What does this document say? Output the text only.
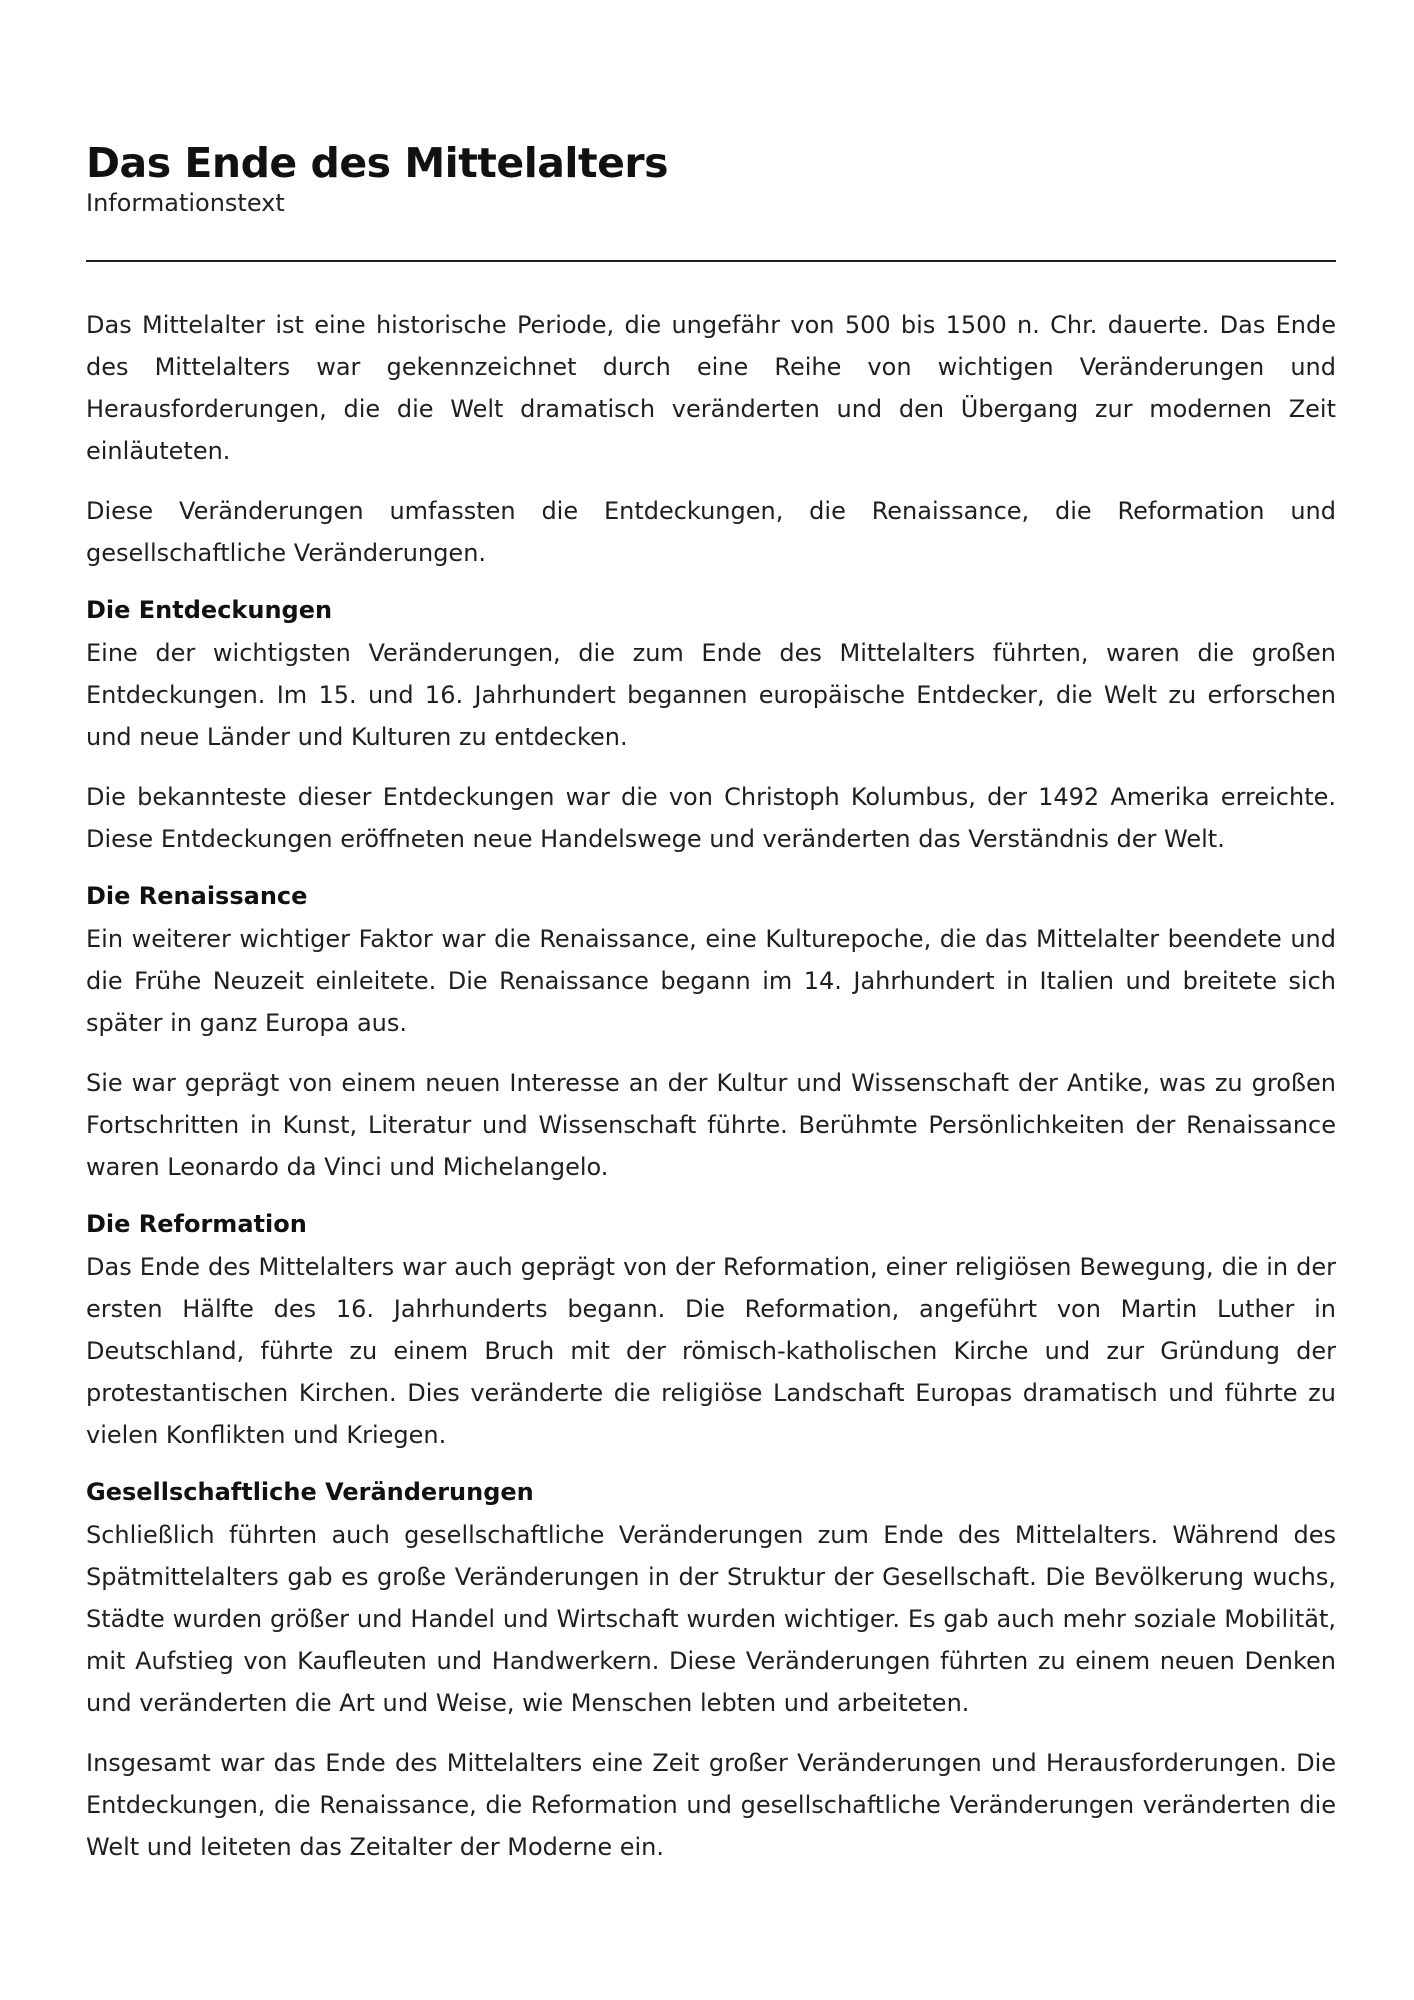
Das Ende des Mittelalters

Informationstext

Das Mittelalter ist eine historische Periode, die ungefähr von 500 bis 1500 n. Chr. dauerte. Das Ende des Mittelalters war gekennzeichnet durch eine Reihe von wichtigen Veränderungen und Herausforderungen, die die Welt dramatisch veränderten und den Übergang zur modernen Zeit einläuteten.

Diese Veränderungen umfassten die Entdeckungen, die Renaissance, die Reformation und gesellschaftliche Veränderungen.

Die Entdeckungen

Eine der wichtigsten Veränderungen, die zum Ende des Mittelalters führten, waren die großen Entdeckungen. Im 15. und 16. Jahrhundert begannen europäische Entdecker, die Welt zu erforschen und neue Länder und Kulturen zu entdecken.

Die bekannteste dieser Entdeckungen war die von Christoph Kolumbus, der 1492 Amerika erreichte. Diese Entdeckungen eröffneten neue Handelswege und veränderten das Verständnis der Welt.

Die Renaissance

Ein weiterer wichtiger Faktor war die Renaissance, eine Kulturepoche, die das Mittelalter beendete und die Frühe Neuzeit einleitete. Die Renaissance begann im 14. Jahrhundert in Italien und breitete sich später in ganz Europa aus.

Sie war geprägt von einem neuen Interesse an der Kultur und Wissenschaft der Antike, was zu großen Fortschritten in Kunst, Literatur und Wissenschaft führte. Berühmte Persönlichkeiten der Renaissance waren Leonardo da Vinci und Michelangelo.

Die Reformation

Das Ende des Mittelalters war auch geprägt von der Reformation, einer religiösen Bewegung, die in der ersten Hälfte des 16. Jahrhunderts begann. Die Reformation, angeführt von Martin Luther in Deutschland, führte zu einem Bruch mit der römisch-katholischen Kirche und zur Gründung der protestantischen Kirchen. Dies veränderte die religiöse Landschaft Europas dramatisch und führte zu vielen Konflikten und Kriegen.

Gesellschaftliche Veränderungen

Schließlich führten auch gesellschaftliche Veränderungen zum Ende des Mittelalters. Während des Spätmittelalters gab es große Veränderungen in der Struktur der Gesellschaft. Die Bevölkerung wuchs, Städte wurden größer und Handel und Wirtschaft wurden wichtiger. Es gab auch mehr soziale Mobilität, mit Aufstieg von Kaufleuten und Handwerkern. Diese Veränderungen führten zu einem neuen Denken und veränderten die Art und Weise, wie Menschen lebten und arbeiteten.

Insgesamt war das Ende des Mittelalters eine Zeit großer Veränderungen und Herausforderungen. Die Entdeckungen, die Renaissance, die Reformation und gesellschaftliche Veränderungen veränderten die Welt und leiteten das Zeitalter der Moderne ein.
